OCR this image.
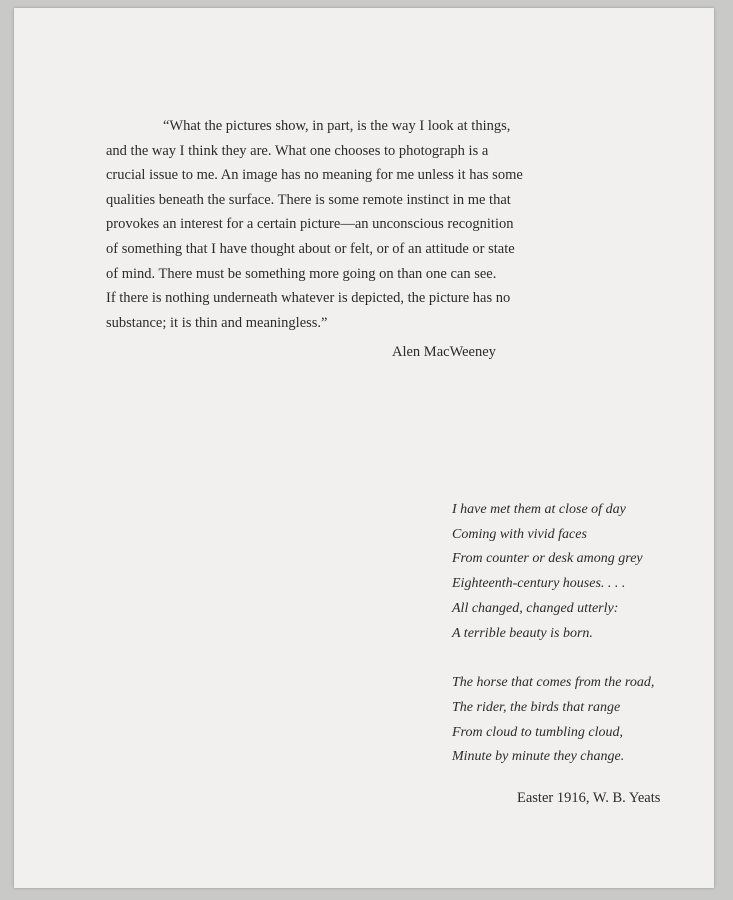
“What the pictures show, in part, is the way I look at things,
and the way I think they are. What one chooses to photograph is a
crucial issue to me. An image has no meaning for me unless it has some
qualities beneath the surface. There is some remote instinct in me that
provokes an interest for a certain picture—an unconscious recognition
of something that I have thought about or felt, or of an attitude or state
of mind. There must be something more going on than one can see.
If there is nothing underneath whatever is depicted, the picture has no
substance; it is thin and meaningless.”
Alen MacWeeney
I have met them at close of day
Coming with vivid faces
From counter or desk among grey
Eighteenth-century houses. . . .
All changed, changed utterly:
A terrible beauty is born.
The horse that comes from the road,
The rider, the birds that range
From cloud to tumbling cloud,
Minute by minute they change.
Easter 1916, W. B. Yeats
